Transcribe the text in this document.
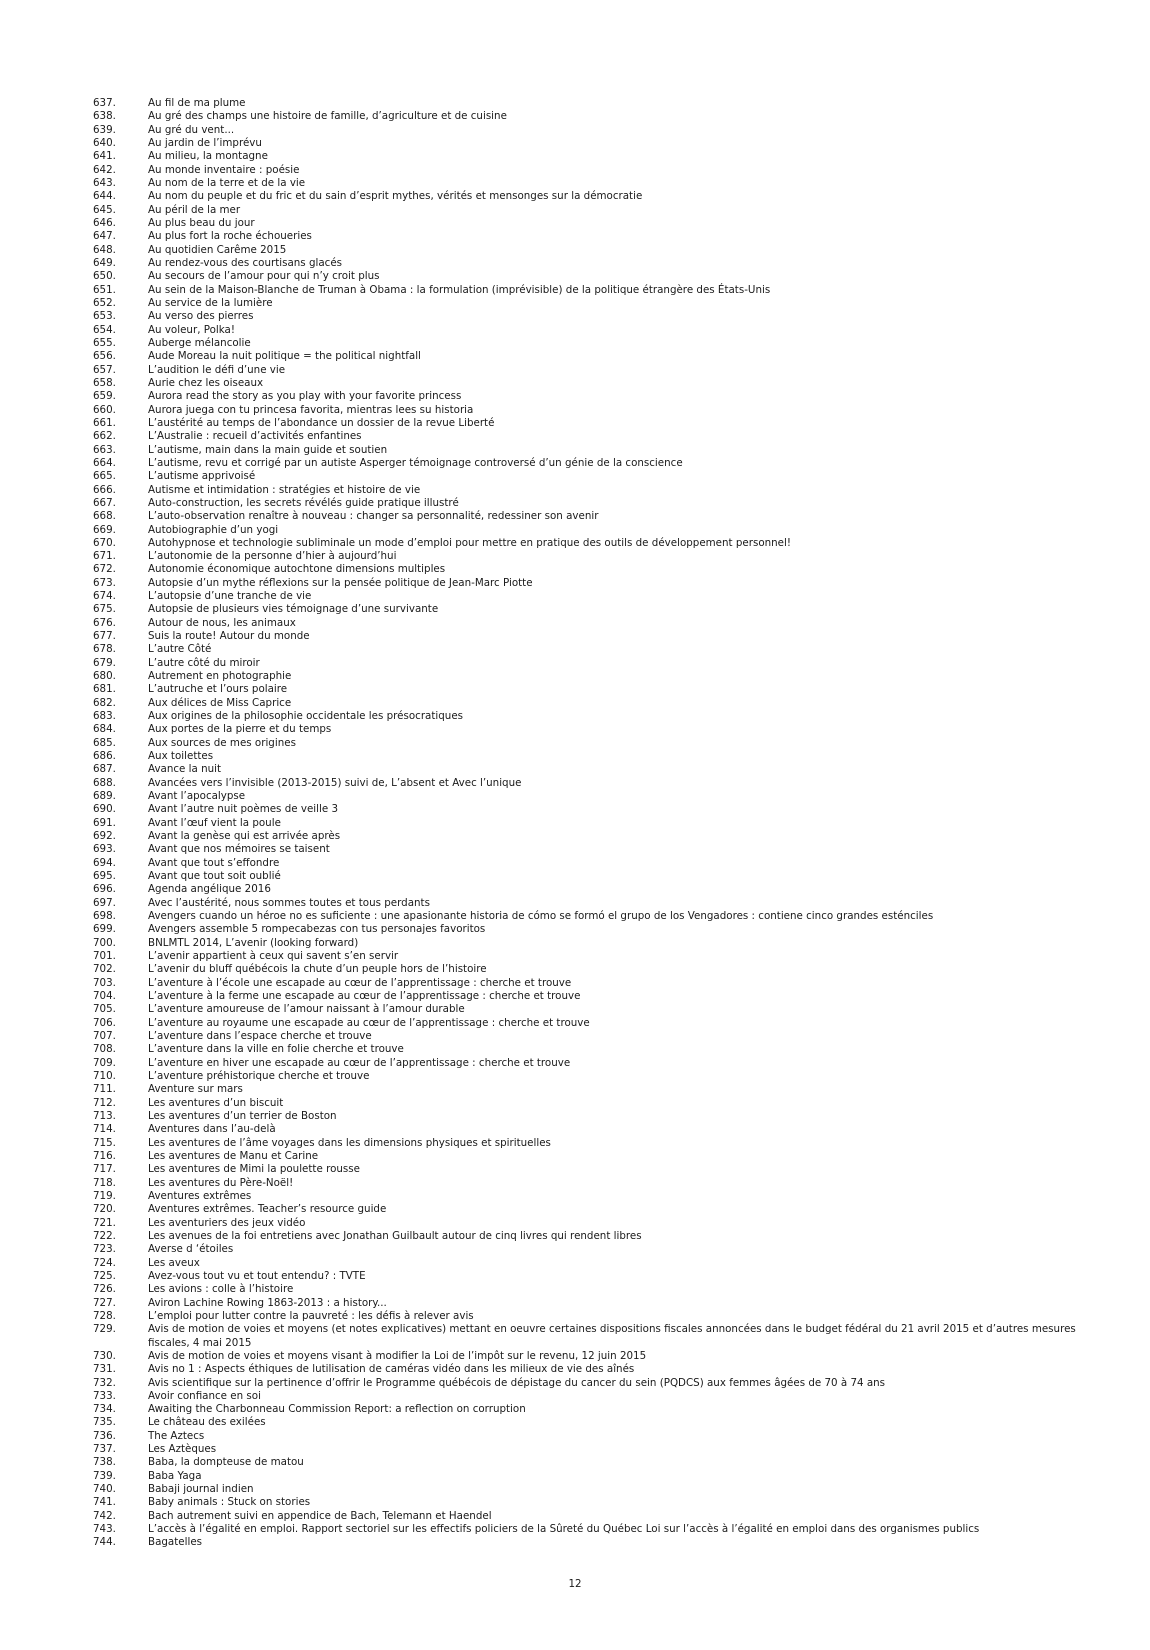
637.	Au fil de ma plume
638.	Au gré des champs une histoire de famille, d’agriculture et de cuisine
639.	Au gré du vent...
640.	Au jardin de l’imprévu
641.	Au milieu, la montagne
642.	Au monde inventaire : poésie
643.	Au nom de la terre et de la vie
644.	Au nom du peuple et du fric et du sain d’esprit mythes, vérités et mensonges sur la démocratie
645.	Au péril de la mer
646.	Au plus beau du jour
647.	Au plus fort la roche échoueries
648.	Au quotidien Carême 2015
649.	Au rendez-vous des courtisans glacés
650.	Au secours de l’amour pour qui n’y croit plus
651.	Au sein de la Maison-Blanche de Truman à Obama : la formulation (imprévisible) de la politique étrangère des États-Unis
652.	Au service de la lumière
653.	Au verso des pierres
654.	Au voleur, Polka!
655.	Auberge mélancolie
656.	Aude Moreau la nuit politique = the political nightfall
657.	L’audition le défi d’une vie
658.	Aurie chez les oiseaux
659.	Aurora read the story as you play with your favorite princess
660.	Aurora juega con tu princesa favorita, mientras lees su historia
661.	L’austérité au temps de l’abondance un dossier de la revue Liberté
662.	L’Australie : recueil d’activités enfantines
663.	L’autisme, main dans la main guide et soutien
664.	L’autisme, revu et corrigé par un autiste Asperger témoignage controversé d’un génie de la conscience
665.	L’autisme apprivoisé
666.	Autisme et intimidation : stratégies et histoire de vie
667.	Auto-construction, les secrets révélés guide pratique illustré
668.	L’auto-observation renaître à nouveau : changer sa personnalité, redessiner son avenir
669.	Autobiographie d’un yogi
670.	Autohypnose et technologie subliminale un mode d’emploi pour mettre en pratique des outils de développement personnel!
671.	L’autonomie de la personne d’hier à aujourd’hui
672.	Autonomie économique autochtone dimensions multiples
673.	Autopsie d’un mythe réflexions sur la pensée politique de Jean-Marc Piotte
674.	L’autopsie d’une tranche de vie
675.	Autopsie de plusieurs vies témoignage d’une survivante
676.	Autour de nous, les animaux
677.	Suis la route! Autour du monde
678.	L’autre Côté
679.	L’autre côté du miroir
680.	Autrement en photographie
681.	L’autruche et l’ours polaire
682.	Aux délices de Miss Caprice
683.	Aux origines de la philosophie occidentale les présocratiques
684.	Aux portes de la pierre et du temps
685.	Aux sources de mes origines
686.	Aux toilettes
687.	Avance la nuit
688.	Avancées vers l’invisible (2013-2015) suivi de, L’absent et Avec l’unique
689.	Avant l’apocalypse
690.	Avant l’autre nuit poèmes de veille 3
691.	Avant l’œuf vient la poule
692.	Avant la genèse qui est arrivée après
693.	Avant que nos mémoires se taisent
694.	Avant que tout s’effondre
695.	Avant que tout soit oublié
696.	Agenda angélique 2016
697.	Avec l’austérité, nous sommes toutes et tous perdants
698.	Avengers cuando un héroe no es suficiente : une apasionante historia de cómo se formó el grupo de los Vengadores : contiene cinco grandes esténciles
699.	Avengers assemble 5 rompecabezas con tus personajes favoritos
700.	BNLMTL 2014, L’avenir (looking forward)
701.	L’avenir appartient à ceux qui savent s’en servir
702.	L’avenir du bluff québécois la chute d’un peuple hors de l’histoire
703.	L’aventure à l’école une escapade au cœur de l’apprentissage : cherche et trouve
704.	L’aventure à la ferme une escapade au cœur de l’apprentissage : cherche et trouve
705.	L’aventure amoureuse de l’amour naissant à l’amour durable
706.	L’aventure au royaume une escapade au cœur de l’apprentissage : cherche et trouve
707.	L’aventure dans l’espace cherche et trouve
708.	L’aventure dans la ville en folie cherche et trouve
709.	L’aventure en hiver une escapade au cœur de l’apprentissage : cherche et trouve
710.	L’aventure préhistorique cherche et trouve
711.	Aventure sur mars
712.	Les aventures d’un biscuit
713.	Les aventures d’un terrier de Boston
714.	Aventures dans l’au-delà
715.	Les aventures de l’âme voyages dans les dimensions physiques et spirituelles
716.	Les aventures de Manu et Carine
717.	Les aventures de Mimi la poulette rousse
718.	Les aventures du Père-Noël!
719.	Aventures extrêmes
720.	Aventures extrêmes. Teacher’s resource guide
721.	Les aventuriers des jeux vidéo
722.	Les avenues de la foi entretiens avec Jonathan Guilbault autour de cinq livres qui rendent libres
723.	Averse d ‘étoiles
724.	Les aveux
725.	Avez-vous tout vu et tout entendu? : TVTE
726.	Les avions : colle à l’histoire
727.	Aviron Lachine Rowing 1863-2013 : a history...
728.	L’emploi pour lutter contre la pauvreté : les défis à relever avis
729.	Avis de motion de voies et moyens (et notes explicatives) mettant en oeuvre certaines dispositions fiscales annoncées dans le budget fédéral du 21 avril 2015 et d’autres mesures fiscales, 4 mai 2015
730.	Avis de motion de voies et moyens visant à modifier la Loi de l’impôt sur le revenu, 12 juin 2015
731.	Avis no 1 : Aspects éthiques de lutilisation de caméras vidéo dans les milieux de vie des aînés
732.	Avis scientifique sur la pertinence d’offrir le Programme québécois de dépistage du cancer du sein (PQDCS) aux femmes âgées de 70 à 74 ans
733.	Avoir confiance en soi
734.	Awaiting the Charbonneau Commission Report: a reflection on corruption
735.	Le château des exilées
736.	The Aztecs
737.	Les Aztèques
738.	Baba, la dompteuse de matou
739.	Baba Yaga
740.	Babaji journal indien
741.	Baby animals : Stuck on stories
742.	Bach autrement suivi en appendice de Bach, Telemann et Haendel
743.	L’accès à l’égalité en emploi. Rapport sectoriel sur les effectifs policiers de la Sûreté du Québec Loi sur l’accès à l’égalité en emploi dans des organismes publics
744.	Bagatelles
12
